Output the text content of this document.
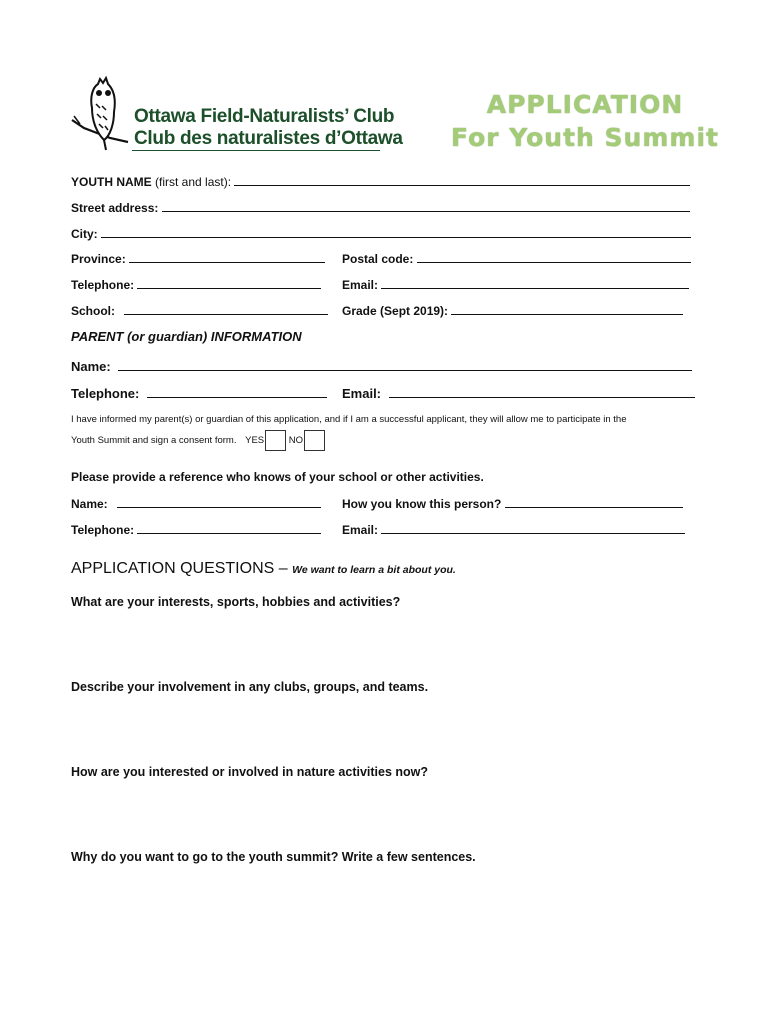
Ottawa Field-Naturalists’ Club
Club des naturalistes d’Ottawa
APPLICATION
For Youth Summit
YOUTH NAME (first and last):
Street address:
City:
Province:	Postal code:
Telephone:	Email:
School:	Grade (Sept 2019):
PARENT (or guardian) INFORMATION
Name:
Telephone:	Email:
I have informed my parent(s) or guardian of this application, and if I am a successful applicant, they will allow me to participate in the
Youth Summit and sign a consent form. YES	NO
Please provide a reference who knows of your school or other activities.
Name:	How you know this person?
Telephone:	Email:
APPLICATION QUESTIONS – We want to learn a bit about you.
What are your interests, sports, hobbies and activities?
Describe your involvement in any clubs, groups, and teams.
How are you interested or involved in nature activities now?
Why do you want to go to the youth summit? Write a few sentences.
